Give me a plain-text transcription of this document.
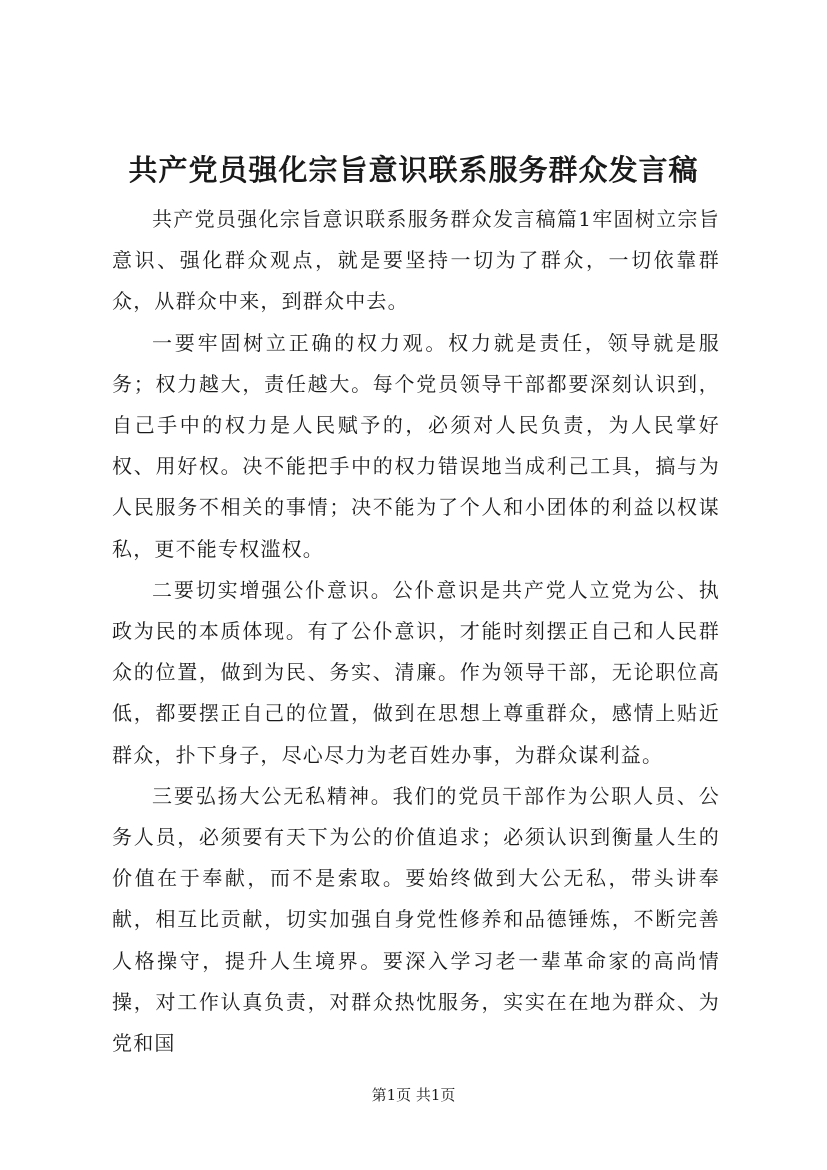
共产党员强化宗旨意识联系服务群众发言稿

共产党员强化宗旨意识联系服务群众发言稿篇1牢固树立宗旨意识、强化群众观点，就是要坚持一切为了群众，一切依靠群众，从群众中来，到群众中去。

一要牢固树立正确的权力观。权力就是责任，领导就是服务；权力越大，责任越大。每个党员领导干部都要深刻认识到，自己手中的权力是人民赋予的，必须对人民负责，为人民掌好权、用好权。决不能把手中的权力错误地当成利己工具，搞与为人民服务不相关的事情；决不能为了个人和小团体的利益以权谋私，更不能专权滥权。

二要切实增强公仆意识。公仆意识是共产党人立党为公、执政为民的本质体现。有了公仆意识，才能时刻摆正自己和人民群众的位置，做到为民、务实、清廉。作为领导干部，无论职位高低，都要摆正自己的位置，做到在思想上尊重群众，感情上贴近群众，扑下身子，尽心尽力为老百姓办事，为群众谋利益。

三要弘扬大公无私精神。我们的党员干部作为公职人员、公务人员，必须要有天下为公的价值追求；必须认识到衡量人生的价值在于奉献，而不是索取。要始终做到大公无私，带头讲奉献，相互比贡献，切实加强自身党性修养和品德锤炼，不断完善人格操守，提升人生境界。要深入学习老一辈革命家的高尚情操，对工作认真负责，对群众热忱服务，实实在在地为群众、为党和国

第1页 共1页
